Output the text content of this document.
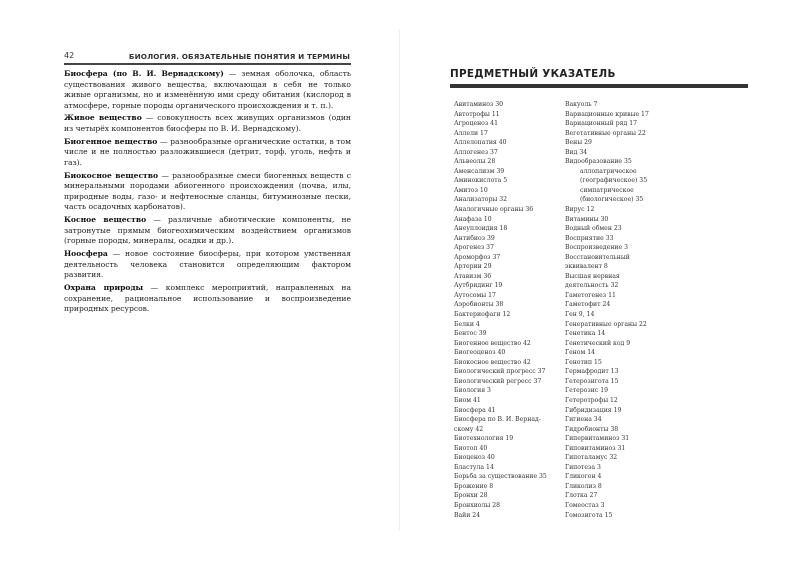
42	БИОЛОГИЯ. ОБЯЗАТЕЛЬНЫЕ ПОНЯТИЯ И ТЕРМИНЫ

Биосфера (по В. И. Вернадскому) — земная оболочка, область существования живого вещества, включающая в себя не только живые организмы, но и изменённую ими среду обитания (кислород в атмосфере, горные породы органического происхождения и т. п.).

Живое вещество — совокупность всех живущих организмов (один из четырёх компонентов биосферы по В. И. Вернадскому).

Биогенное вещество — разнообразные органические остатки, в том числе и не полностью разложившиеся (детрит, торф, уголь, нефть и газ).

Биокосное вещество — разнообразные смеси биогенных веществ с минеральными породами абиогенного происхождения (почва, илы, природные воды, газо- и нефтеносные сланцы, битуминозные пески, часть осадочных карбонатов).

Косное вещество — различные абиотические компоненты, не затронутые прямым биогеохимическим воздействием организмов (горные породы, минералы, осадки и др.).

Ноосфера — новое состояние биосферы, при котором умственная деятельность человека становится определяющим фактором развития.

Охрана природы — комплекс мероприятий, направленных на сохранение, рациональное использование и воспроизведение природных ресурсов.

ПРЕДМЕТНЫЙ УКАЗАТЕЛЬ
Авитаминоз 30
Автотрофы 11
Агроценоз 41
Аллели 17
Аллелопатия 40
Аллогенез 37
Альвеолы 28
Аменсализм 39
Аминокислота 5
Амитоз 10
Анализаторы 32
Аналогичные органы 36
Анафаза 10
Анеуплоидия 18
Антибиоз 39
Арогенез 37
Ароморфоз 37
Артерии 29
Атавизм 36
Аутбридинг 19
Аутосомы 17
Аэробионты 38
Бактериофаги 12
Белки 4
Бентос 39
Биогенное вещество 42
Биогеоценоз 40
Биокосное вещество 42
Биологический прогресс 37
Биологический регресс 37
Биология 3
Биом 41
Биосфера 41
Биосфера по В. И. Вернад-
скому 42
Биотехнология 19
Биотоп 40
Биоценоз 40
Бластула 14
Борьба за существование 35
Брожение 8
Бронхи 28
Бронхиолы 28
Вайи 24
Вакуоль 7
Вариационные кривые 17
Вариационный ряд 17
Вегетативные органы 22
Вены 29
Вид 34
Видообразование 35
аллопатрическое
(географическое) 35
симпатрическое
(биологическое) 35
Вирус 12
Витамины 30
Водный обмен 23
Восприятие 33
Воспроизведение 3
Восстановительный
эквивалент 8
Высшая нервная
деятельность 32
Гаметогенез 11
Гаметофит 24
Ген 9, 14
Генеративные органы 22
Генетика 14
Генетический код 9
Геном 14
Генотип 15
Гермафродит 13
Гетерозигота 15
Гетерозис 19
Гетеротрофы 12
Гибридизация 19
Гигиена 34
Гидробионты 38
Гипервитаминоз 31
Гиповитаминоз 31
Гипоталамус 32
Гипотеза 3
Гликоген 4
Гликолиз 8
Глотка 27
Гомеостаз 3
Гомозигота 15
